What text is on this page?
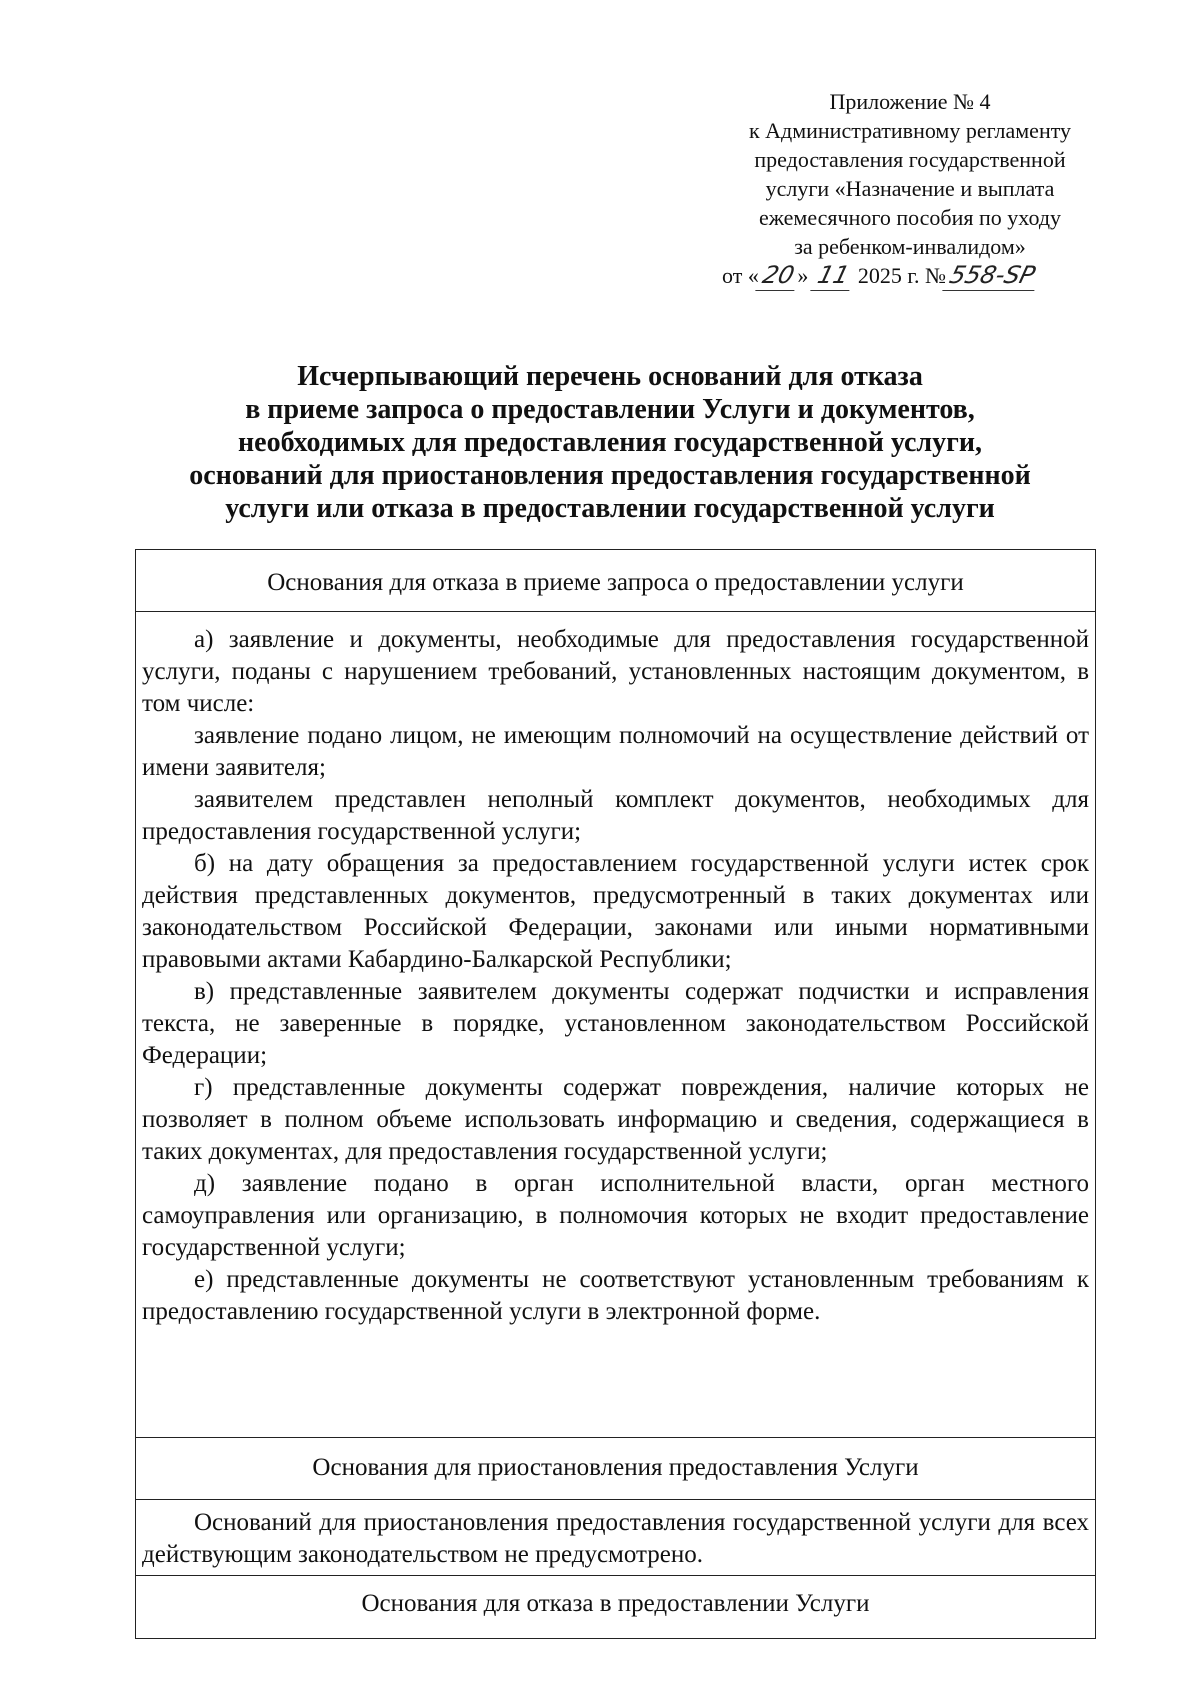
Приложение № 4
к Административному регламенту
предоставления государственной
услуги «Назначение и выплата
ежемесячного пособия по уходу
за ребенком-инвалидом»
от «20» 11 2025 г. №558-SP
Исчерпывающий перечень оснований для отказа
в приеме запроса о предоставлении Услуги и документов,
необходимых для предоставления государственной услуги,
оснований для приостановления предоставления государственной
услуги или отказа в предоставлении государственной услуги
Основания для отказа в приеме запроса о предоставлении услуги

а) заявление и документы, необходимые для предоставления государственной услуги, поданы с нарушением требований, установленных настоящим документом, в том числе:

заявление подано лицом, не имеющим полномочий на осуществление действий от имени заявителя;

заявителем представлен неполный комплект документов, необходимых для предоставления государственной услуги;

б) на дату обращения за предоставлением государственной услуги истек срок действия представленных документов, предусмотренный в таких документах или законодательством Российской Федерации, законами или иными нормативными правовыми актами Кабардино-Балкарской Республики;

в) представленные заявителем документы содержат подчистки и исправления текста, не заверенные в порядке, установленном законодательством Российской Федерации;

г) представленные документы содержат повреждения, наличие которых не позволяет в полном объеме использовать информацию и сведения, содержащиеся в таких документах, для предоставления государственной услуги;

д) заявление подано в орган исполнительной власти, орган местного самоуправления или организацию, в полномочия которых не входит предоставление государственной услуги;

е) представленные документы не соответствуют установленным требованиям к предоставлению государственной услуги в электронной форме.

Основания для приостановления предоставления Услуги

Оснований для приостановления предоставления государственной услуги для всех действующим законодательством не предусмотрено.

Основания для отказа в предоставлении Услуги
